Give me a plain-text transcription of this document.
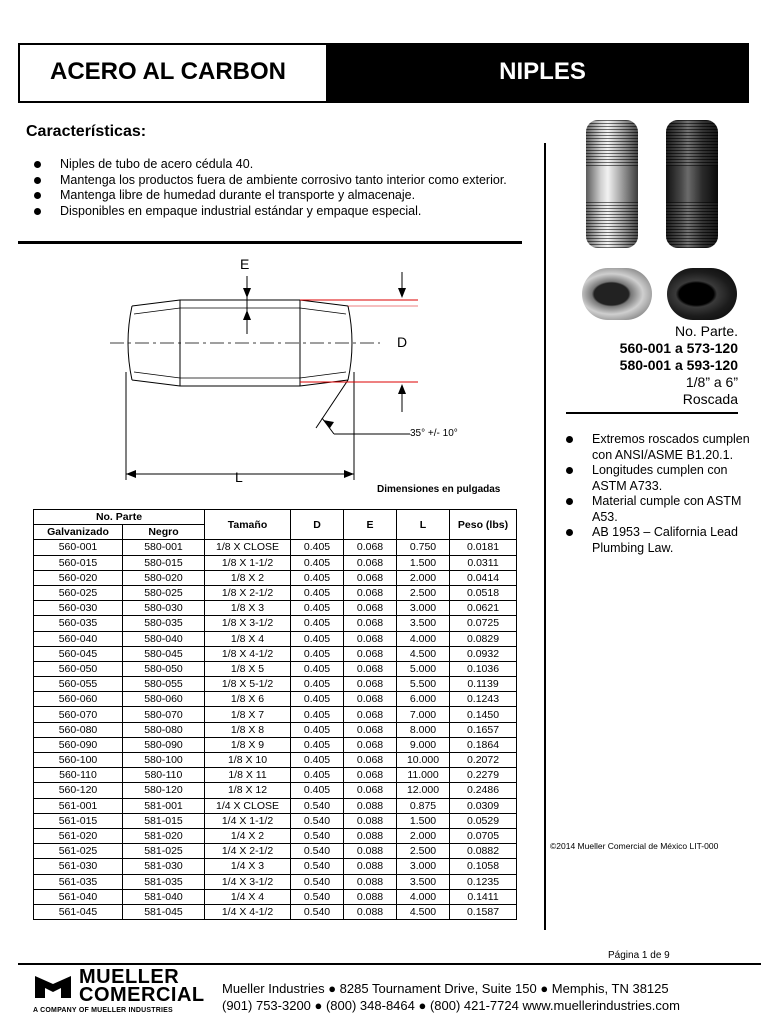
ACERO AL CARBON	NIPLES
Características:
Niples de tubo de acero cédula 40.
Mantenga los productos fuera de ambiente corrosivo tanto interior como exterior.
Mantenga libre de humedad durante el transporte y almacenaje.
Disponibles en empaque industrial estándar y empaque especial.
No. Parte.
560-001 a 573-120
580-001 a 593-120
1/8” a 6”
Roscada
Extremos roscados cumplen con ANSI/ASME B1.20.1.
Longitudes cumplen con ASTM A733.
Material cumple con ASTM A53.
AB 1953 – California Lead Plumbing Law.
©2014 Mueller Comercial de México LIT-000
E
D
L
35° +/- 10°
Dimensiones en pulgadas
No. Parte		Tamaño	D	E	L	Peso (lbs)
Galvanizado	Negro					
560-001	580-001	1/8 X CLOSE	0.405	0.068	0.750	0.0181
560-015	580-015	1/8 X 1-1/2	0.405	0.068	1.500	0.0311
560-020	580-020	1/8 X 2	0.405	0.068	2.000	0.0414
560-025	580-025	1/8 X 2-1/2	0.405	0.068	2.500	0.0518
560-030	580-030	1/8 X 3	0.405	0.068	3.000	0.0621
560-035	580-035	1/8 X 3-1/2	0.405	0.068	3.500	0.0725
560-040	580-040	1/8 X 4	0.405	0.068	4.000	0.0829
560-045	580-045	1/8 X 4-1/2	0.405	0.068	4.500	0.0932
560-050	580-050	1/8 X 5	0.405	0.068	5.000	0.1036
560-055	580-055	1/8 X 5-1/2	0.405	0.068	5.500	0.1139
560-060	580-060	1/8 X 6	0.405	0.068	6.000	0.1243
560-070	580-070	1/8 X 7	0.405	0.068	7.000	0.1450
560-080	580-080	1/8 X 8	0.405	0.068	8.000	0.1657
560-090	580-090	1/8 X 9	0.405	0.068	9.000	0.1864
560-100	580-100	1/8 X 10	0.405	0.068	10.000	0.2072
560-110	580-110	1/8 X 11	0.405	0.068	11.000	0.2279
560-120	580-120	1/8 X 12	0.405	0.068	12.000	0.2486
561-001	581-001	1/4 X CLOSE	0.540	0.088	0.875	0.0309
561-015	581-015	1/4 X 1-1/2	0.540	0.088	1.500	0.0529
561-020	581-020	1/4 X 2	0.540	0.088	2.000	0.0705
561-025	581-025	1/4 X 2-1/2	0.540	0.088	2.500	0.0882
561-030	581-030	1/4 X 3	0.540	0.088	3.000	0.1058
561-035	581-035	1/4 X 3-1/2	0.540	0.088	3.500	0.1235
561-040	581-040	1/4 X 4	0.540	0.088	4.000	0.1411
561-045	581-045	1/4 X 4-1/2	0.540	0.088	4.500	0.1587
Página 1 de 9
MUELLER
COMERCIAL
A COMPANY OF MUELLER INDUSTRIES
Mueller Industries ● 8285 Tournament Drive, Suite 150 ● Memphis, TN 38125
(901) 753-3200 ● (800) 348-8464 ● (800) 421-7724 www.muellerindustries.com
